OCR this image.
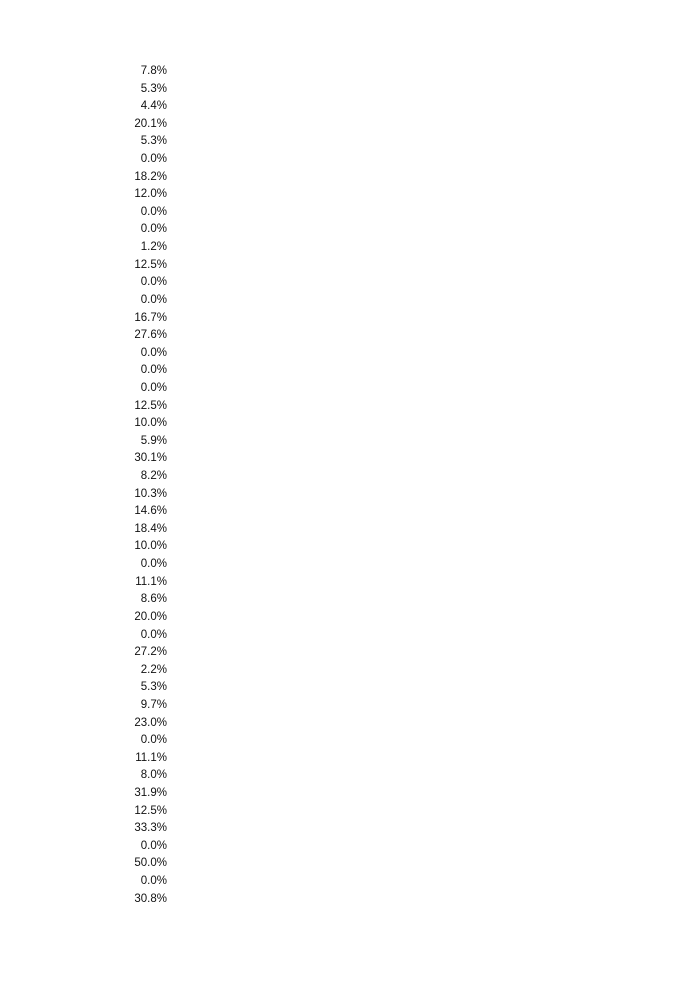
7.8%
5.3%
4.4%
20.1%
5.3%
0.0%
18.2%
12.0%
0.0%
0.0%
1.2%
12.5%
0.0%
0.0%
16.7%
27.6%
0.0%
0.0%
0.0%
12.5%
10.0%
5.9%
30.1%
8.2%
10.3%
14.6%
18.4%
10.0%
0.0%
11.1%
8.6%
20.0%
0.0%
27.2%
2.2%
5.3%
9.7%
23.0%
0.0%
11.1%
8.0%
31.9%
12.5%
33.3%
0.0%
50.0%
0.0%
30.8%
